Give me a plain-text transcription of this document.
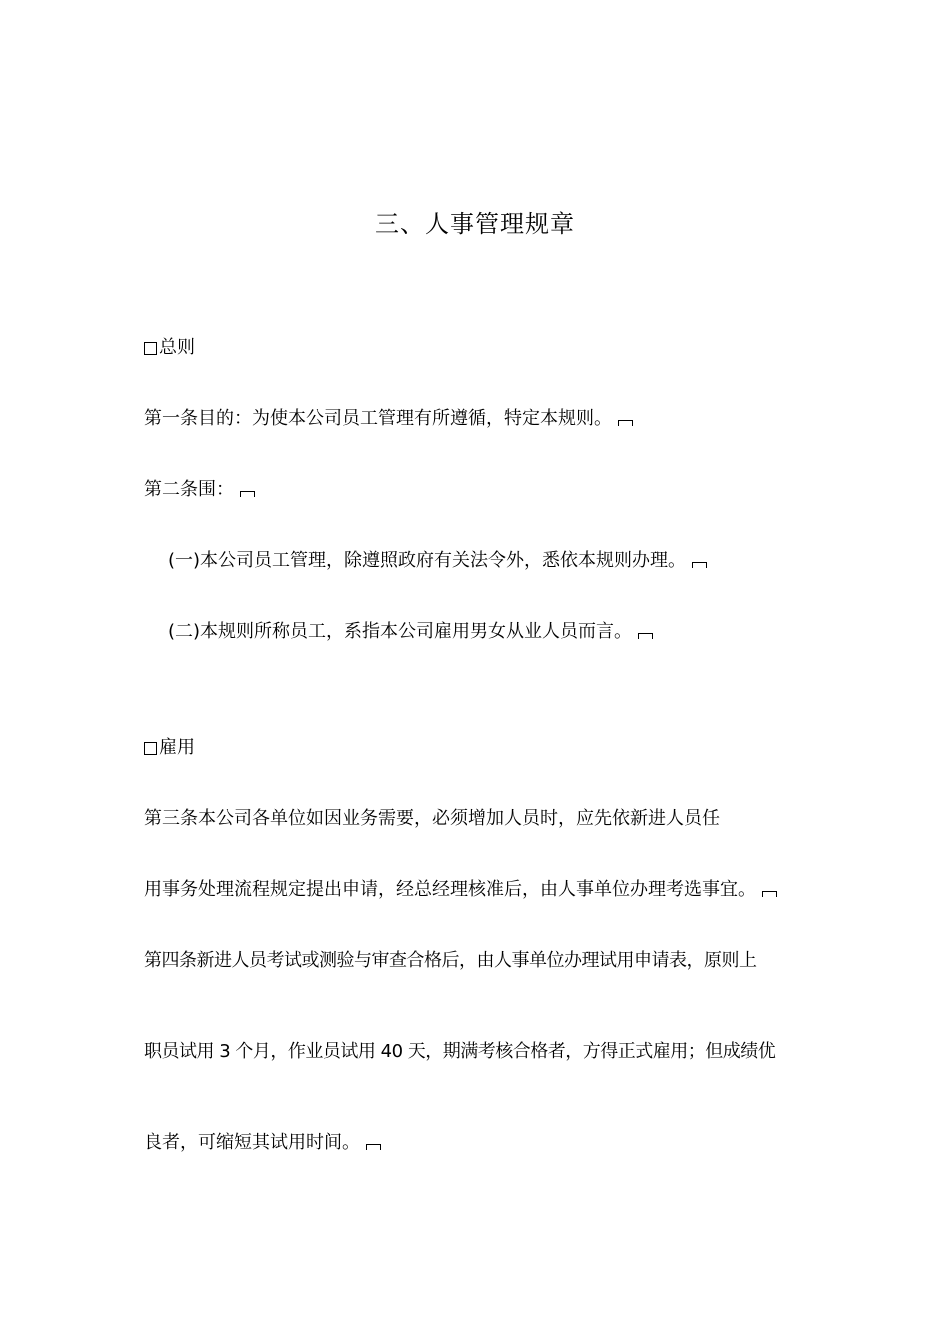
三、人事管理规章
总则
第一条目的：为使本公司员工管理有所遵循，特定本规则。
第二条围：
(一)本公司员工管理，除遵照政府有关法令外，悉依本规则办理。
(二)本规则所称员工，系指本公司雇用男女从业人员而言。
雇用
第三条本公司各单位如因业务需要，必须增加人员时，应先依新进人员任
用事务处理流程规定提出申请，经总经理核准后，由人事单位办理考选事宜。
第四条新进人员考试或测验与审查合格后，由人事单位办理试用申请表，原则上
职员试用 3 个月，作业员试用 40 天，期满考核合格者，方得正式雇用；但成绩优
良者，可缩短其试用时间。
